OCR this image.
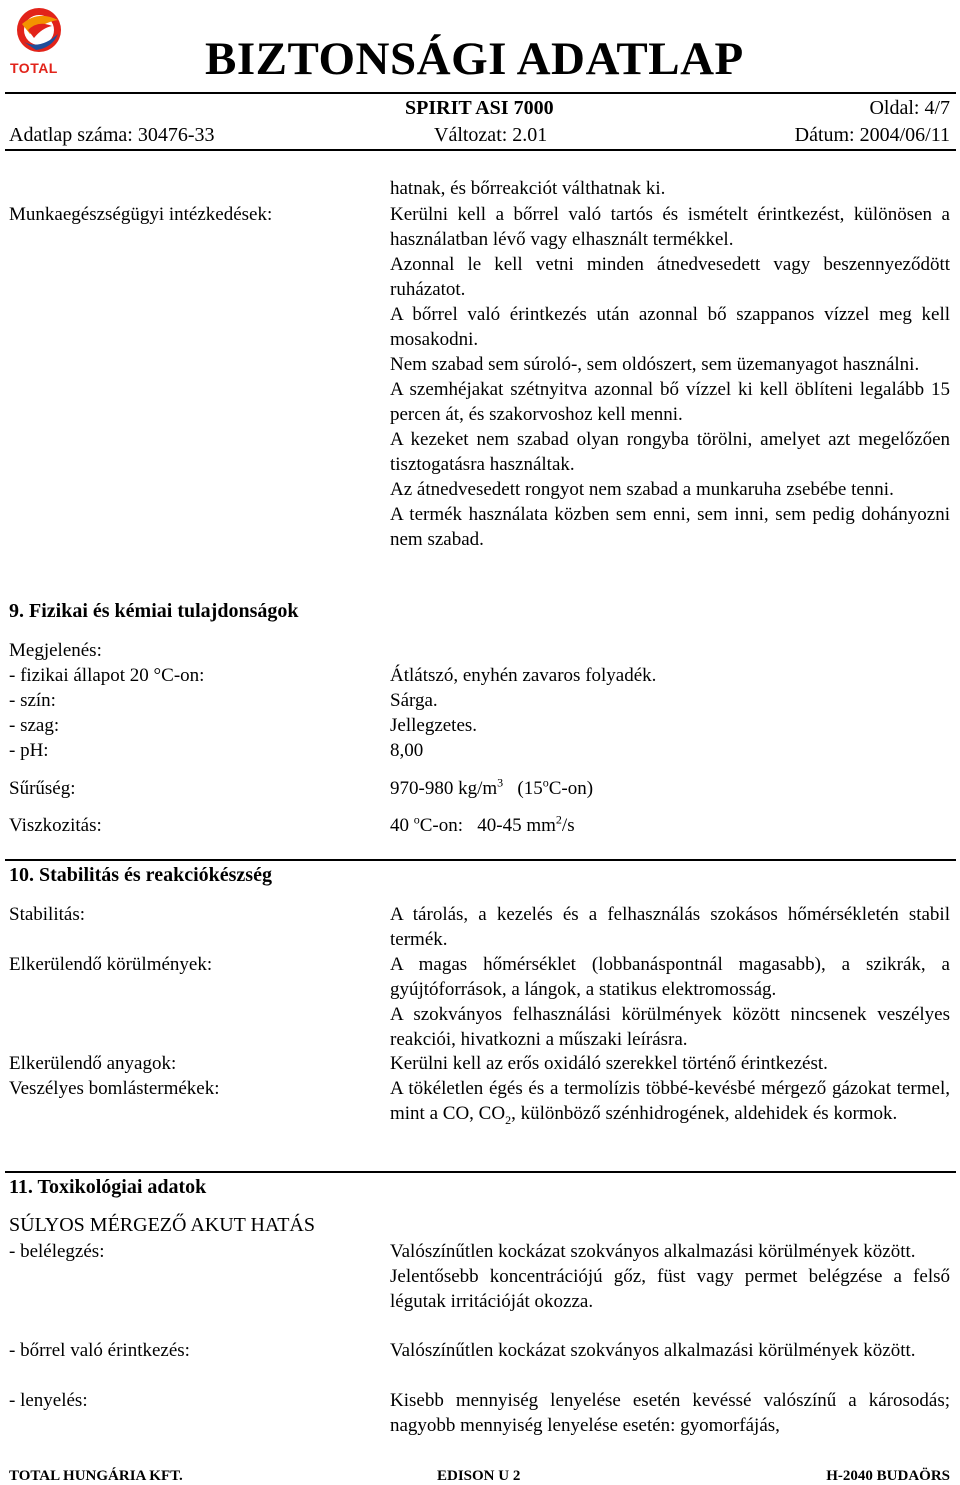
TOTAL	BIZTONSÁGI ADATLAP
SPIRIT ASI 7000	Oldal: 4/7
Adatlap száma: 30476-33	Változat: 2.01	Dátum: 2004/06/11
hatnak, és bőrreakciót válthatnak ki.
Munkaegészségügyi intézkedések:	Kerülni kell a bőrrel való tartós és ismételt érintkezést, különösen a használatban lévő vagy elhasznált termékkel.

Azonnal le kell vetni minden átnedvesedett vagy beszennyeződött ruházatot.

A bőrrel való érintkezés után azonnal bő szappanos vízzel meg kell mosakodni.

Nem szabad sem súroló-, sem oldószert, sem üzemanyagot használni.

A szemhéjakat szétnyitva azonnal bő vízzel ki kell öblíteni legalább 15 percen át, és szakorvoshoz kell menni.

A kezeket nem szabad olyan rongyba törölni, amelyet azt megelőzően tisztogatásra használtak.

Az átnedvesedett rongyot nem szabad a munkaruha zsebébe tenni.

A termék használata közben sem enni, sem inni, sem pedig dohányozni nem szabad.

9. Fizikai és kémiai tulajdonságok
Megjelenés:
- fizikai állapot 20 °C-on:	Átlátszó, enyhén zavaros folyadék.
- szín:	Sárga.
- szag:	Jellegzetes.
- pH:	8,00
Sűrűség:	970-980 $kg/m^3$ (15$^o$C-on)
Viszkozitás:	40 $^o$C-on:   40-45 $mm^2/s$
10. Stabilitás és reakciókészség
Stabilitás:	A tárolás, a kezelés és a felhasználás szokásos hőmérsékletén stabil termék.

Elkerülendő körülmények:	A magas hőmérséklet (lobbanáspontnál magasabb), a szikrák, a gyújtóforrások, a lángok, a statikus elektromosság.

A szokványos felhasználási körülmények között nincsenek veszélyes reakciói, hivatkozni a műszaki leírásra.

Elkerülendő anyagok:	Kerülni kell az erős oxidáló szerekkel történő érintkezést.

Veszélyes bomlástermékek:	A tökéletlen égés és a termolízis többé-kevésbé mérgező gázokat termel, mint a CO, $CO_2$, különböző szénhidrogének, aldehidek és kormok.

11. Toxikológiai adatok
SÚLYOS MÉRGEZŐ AKUT HATÁS
- belélegzés:	Valószínűtlen kockázat szokványos alkalmazási körülmények között.

Jelentősebb koncentrációjú gőz, füst vagy permet belégzése a felső légutak irritációját okozza.

- bőrrel való érintkezés:	Valószínűtlen kockázat szokványos alkalmazási körülmények között.

- lenyelés:	Kisebb mennyiség lenyelése esetén kevéssé valószínű a károsodás; nagyobb mennyiség lenyelése esetén: gyomorfájás,

TOTAL HUNGÁRIA KFT.	EDISON U 2	H-2040 BUDAÖRS
